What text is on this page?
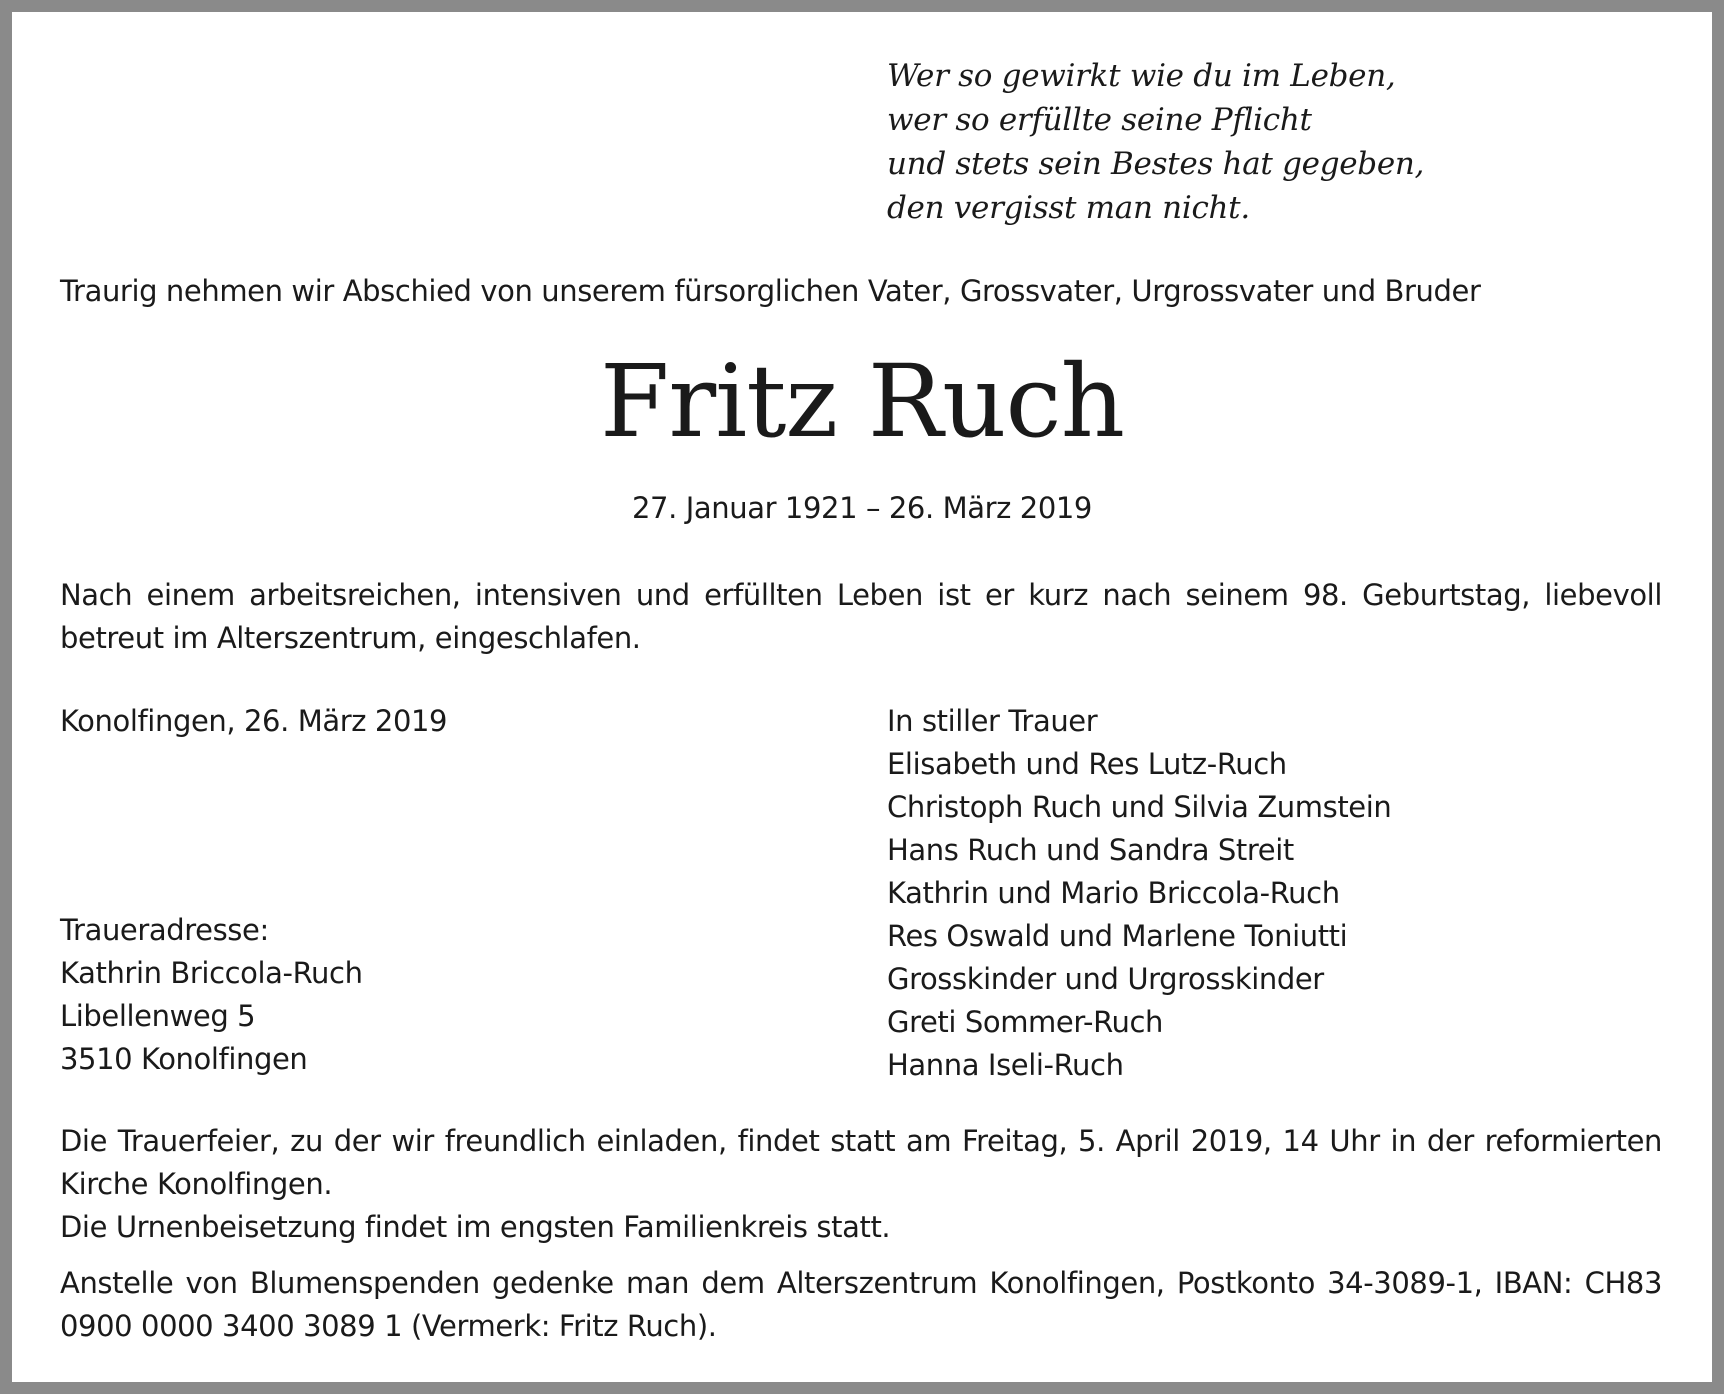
Wer so gewirkt wie du im Leben,
wer so erfüllte seine Pflicht
und stets sein Bestes hat gegeben,
den vergisst man nicht.
Traurig nehmen wir Abschied von unserem fürsorglichen Vater, Grossvater, Urgrossvater und Bruder
Fritz Ruch
27. Januar 1921 – 26. März 2019
Nach einem arbeitsreichen, intensiven und erfüllten Leben ist er kurz nach seinem 98. Geburtstag, liebevoll betreut im Alterszentrum, eingeschlafen.
Konolfingen, 26. März 2019	In stiller Trauer
Elisabeth und Res Lutz-Ruch
Christoph Ruch und Silvia Zumstein
Hans Ruch und Sandra Streit
Kathrin und Mario Briccola-Ruch
Res Oswald und Marlene Toniutti
Grosskinder und Urgrosskinder
Greti Sommer-Ruch
Hanna Iseli-Ruch
Traueradresse:
Kathrin Briccola-Ruch
Libellenweg 5
3510 Konolfingen
Die Trauerfeier, zu der wir freundlich einladen, findet statt am Freitag, 5. April 2019, 14 Uhr in der reformierten Kirche Konolfingen.
Die Urnenbeisetzung findet im engsten Familienkreis statt.
Anstelle von Blumenspenden gedenke man dem Alterszentrum Konolfingen, Postkonto 34-3089-1, IBAN: CH83 0900 0000 3400 3089 1 (Vermerk: Fritz Ruch).
